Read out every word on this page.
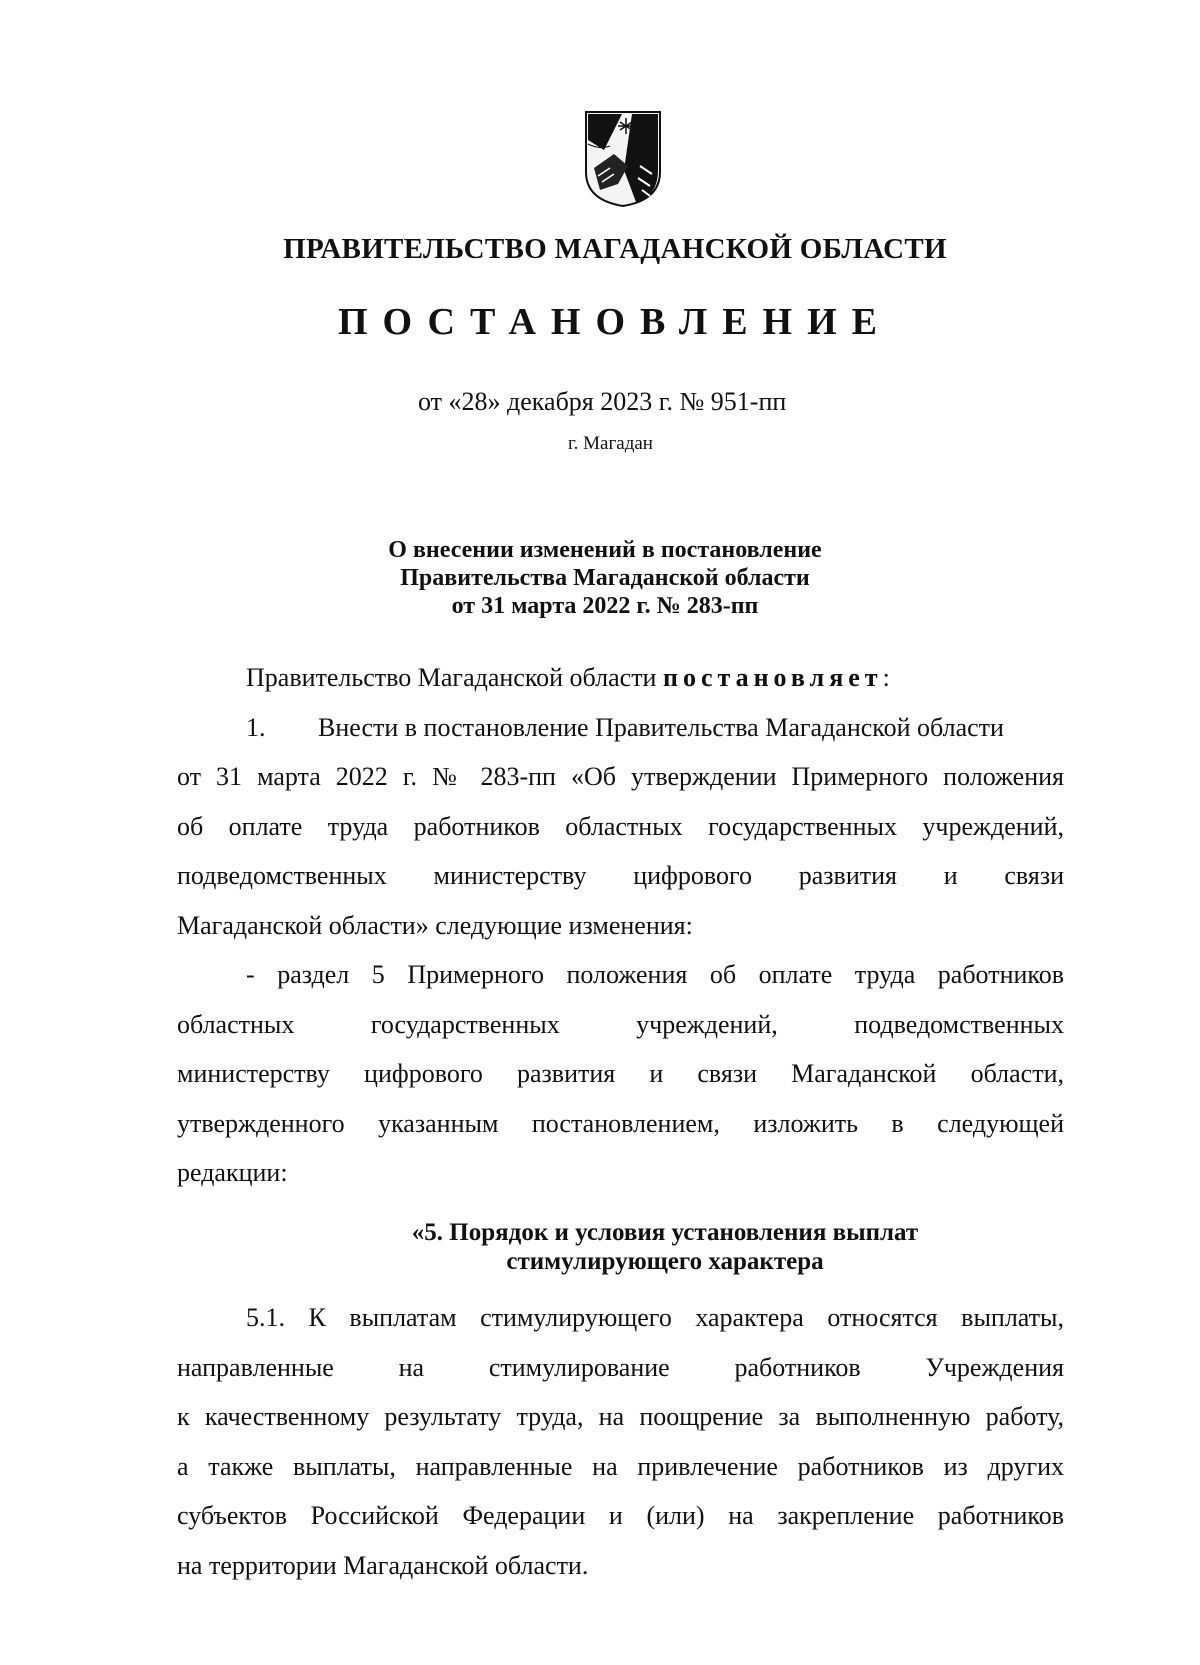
ПРАВИТЕЛЬСТВО МАГАДАНСКОЙ ОБЛАСТИ
ПОСТАНОВЛЕНИЕ
от «28» декабря 2023 г. № 951-пп
г. Магадан
О внесении изменений в постановление
Правительства Магаданской области
от 31 марта 2022 г. № 283-пп
Правительство Магаданской области постановляет:
1. Внести в постановление Правительства Магаданской области
от 31 марта 2022 г. № 283-пп «Об утверждении Примерного положения
об оплате труда работников областных государственных учреждений,
подведомственных министерству цифрового развития и связи
Магаданской области» следующие изменения:
- раздел 5 Примерного положения об оплате труда работников
областных государственных учреждений, подведомственных
министерству цифрового развития и связи Магаданской области,
утвержденного указанным постановлением, изложить в следующей
редакции:
«5. Порядок и условия установления выплат
стимулирующего характера
5.1. К выплатам стимулирующего характера относятся выплаты,
направленные на стимулирование работников Учреждения
к качественному результату труда, на поощрение за выполненную работу,
а также выплаты, направленные на привлечение работников из других
субъектов Российской Федерации и (или) на закрепление работников
на территории Магаданской области.
